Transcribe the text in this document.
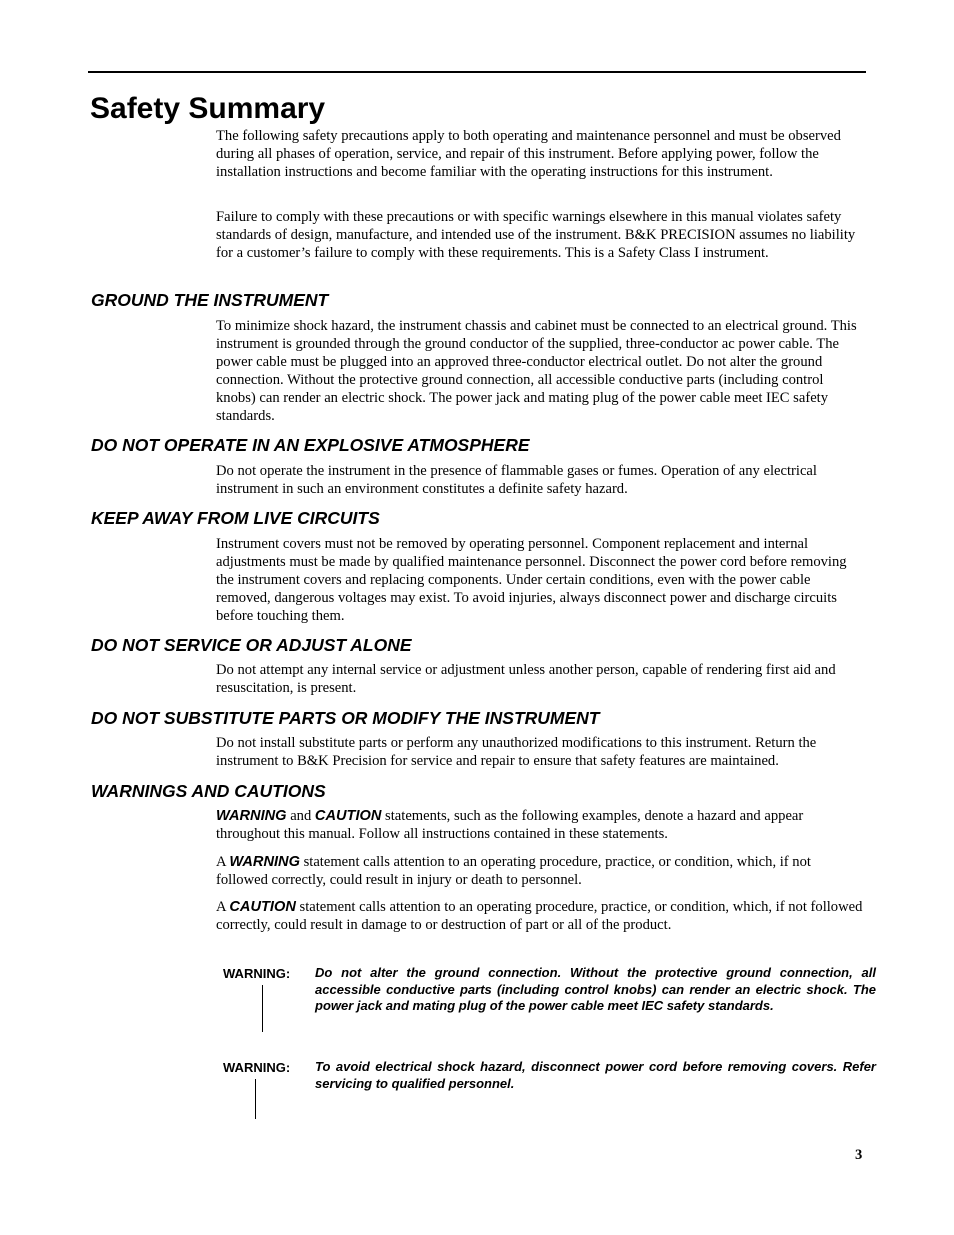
Safety Summary

The following safety precautions apply to both operating and maintenance personnel and must be observed during all phases of operation, service, and repair of this instrument. Before applying power, follow the installation instructions and become familiar with the operating instructions for this instrument.

Failure to comply with these precautions or with specific warnings elsewhere in this manual violates safety standards of design, manufacture, and intended use of the instrument. B&K PRECISION assumes no liability for a customer’s failure to comply with these requirements. This is a Safety Class I instrument.

GROUND THE INSTRUMENT

To minimize shock hazard, the instrument chassis and cabinet must be connected to an electrical ground. This instrument is grounded through the ground conductor of the supplied, three-conductor ac power cable. The power cable must be plugged into an approved three-conductor electrical outlet. Do not alter the ground connection. Without the protective ground connection, all accessible conductive parts (including control knobs) can render an electric shock. The power jack and mating plug of the power cable meet IEC safety standards.

DO NOT OPERATE IN AN EXPLOSIVE ATMOSPHERE

Do not operate the instrument in the presence of flammable gases or fumes. Operation of any electrical instrument in such an environment constitutes a definite safety hazard.

KEEP AWAY FROM LIVE CIRCUITS

Instrument covers must not be removed by operating personnel. Component replacement and internal adjustments must be made by qualified maintenance personnel. Disconnect the power cord before removing the instrument covers and replacing components. Under certain conditions, even with the power cable removed, dangerous voltages may exist. To avoid injuries, always disconnect power and discharge circuits before touching them.

DO NOT SERVICE OR ADJUST ALONE

Do not attempt any internal service or adjustment unless another person, capable of rendering first aid and resuscitation, is present.

DO NOT SUBSTITUTE PARTS OR MODIFY THE INSTRUMENT

Do not install substitute parts or perform any unauthorized modifications to this instrument. Return the instrument to B&K Precision for service and repair to ensure that safety features are maintained.

WARNINGS AND CAUTIONS

WARNING and CAUTION statements, such as the following examples, denote a hazard and appear throughout this manual. Follow all instructions contained in these statements.

A WARNING statement calls attention to an operating procedure, practice, or condition, which, if not followed correctly, could result in injury or death to personnel.

A CAUTION statement calls attention to an operating procedure, practice, or condition, which, if not followed correctly, could result in damage to or destruction of part or all of the product.

WARNING: Do not alter the ground connection. Without the protective ground connection, all accessible conductive parts (including control knobs) can render an electric shock. The power jack and mating plug of the power cable meet IEC safety standards.

WARNING: To avoid electrical shock hazard, disconnect power cord before removing covers. Refer servicing to qualified personnel.

3
